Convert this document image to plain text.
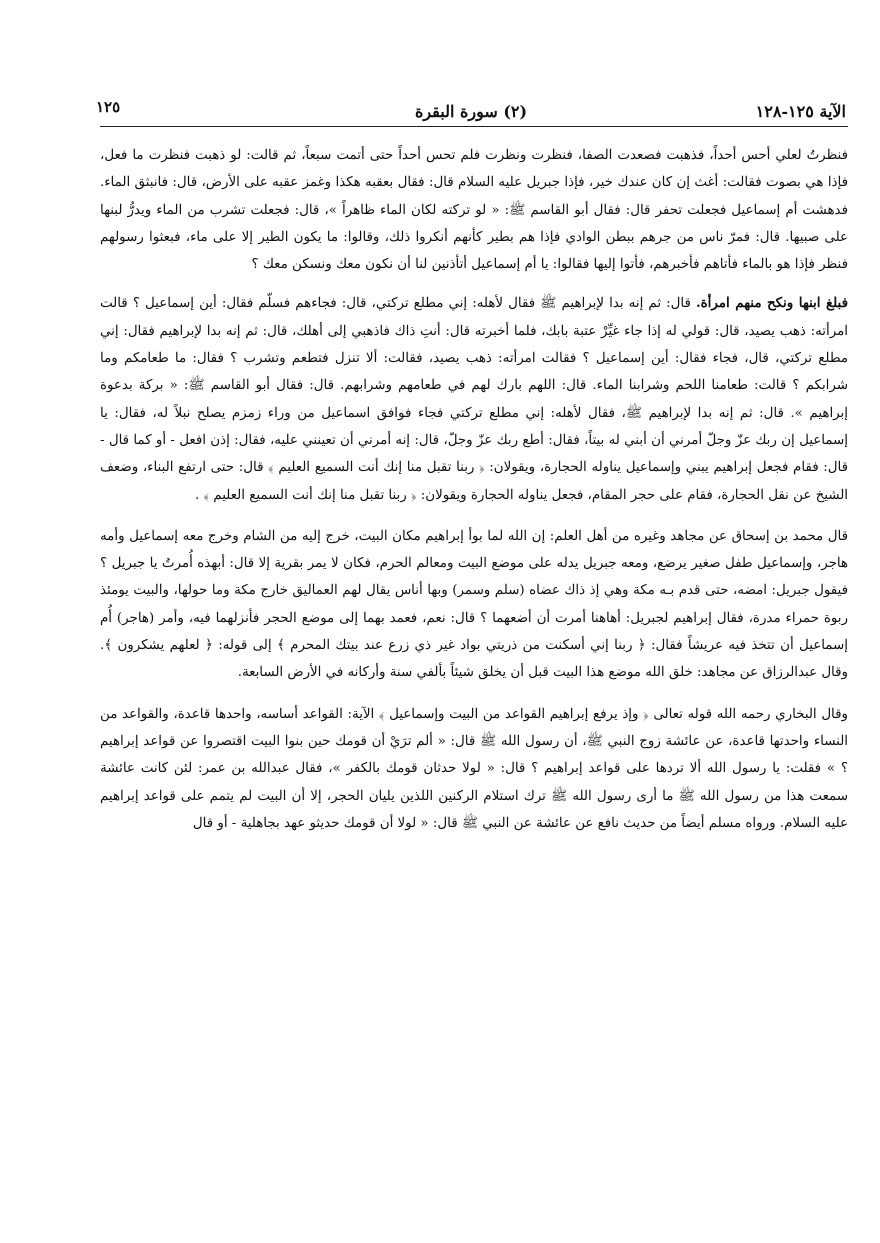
الآية ١٢٥-١٢٨
(٢) سورة البقرة
١٢٥

فنظرتُ لعلي أحس أحداً، فذهبت فصعدت الصفا، فنظرت ونظرت فلم تحس أحداً حتى أتمت سبعاً، ثم قالت: لو ذهبت فنظرت ما فعل، فإذا هي بصوت فقالت: أغث إن كان عندك خير، فإذا جبريل عليه السلام قال: فقال بعقبه هكذا وغمز عقبه على الأرض، قال: فانبثق الماء. فدهشت أم إسماعيل فجعلت تحفر قال: فقال أبو القاسم ﷺ: « لو تركته لكان الماء ظاهراً »، قال: فجعلت تشرب من الماء ويدرُّ لبنها على صبيها. قال: فمرّ ناس من جرهم ببطن الوادي فإذا هم بطير كأنهم أنكروا ذلك، وقالوا: ما يكون الطير إلا على ماء، فبعثوا رسولهم فنظر فإذا هو بالماء فأتاهم فأخبرهم، فأتوا إليها فقالوا: يا أم إسماعيل أتأذنين لنا أن نكون معك ونسكن معك ؟

فبلغ ابنها ونكح منهم امرأة. قال: ثم إنه بدا لإبراهيم ﷺ فقال لأهله: إني مطلع تركتي، قال: فجاءهم فسلّم فقال: أين إسماعيل ؟ قالت امرأته: ذهب يصيد، قال: قولي له إذا جاء غيِّرْ عتبة بابك، فلما أخبرته قال: أنتِ ذاك فاذهبي إلى أهلك، قال: ثم إنه بدا لإبراهيم فقال: إني مطلع تركتي، قال، فجاء فقال: أين إسماعيل ؟ فقالت امرأته: ذهب يصيد، فقالت: ألا تنزل فتطعم وتشرب ؟ فقال: ما طعامكم وما شرابكم ؟ قالت: طعامنا اللحم وشرابنا الماء. قال: اللهم بارك لهم في طعامهم وشرابهم. قال: فقال أبو القاسم ﷺ: « بركة بدعوة إبراهيم ». قال: ثم إنه بدا لإبراهيم ﷺ، فقال لأهله: إني مطلع تركتي فجاء فوافق اسماعيل من وراء زمزم يصلح نبلاً له، فقال: يا إسماعيل إن ربك عزّ وجلّ أمرني أن أبني له بيتاً، فقال: أطع ربك عزّ وجلّ، قال: إنه أمرني أن تعينني عليه، فقال: إذن افعل - أو كما قال - قال: فقام فجعل إبراهيم يبني وإسماعيل يناوله الحجارة، ويقولان: ﴿ ربنا تقبل منا إنك أنت السميع العليم ﴾ قال: حتى ارتفع البناء، وضعف الشيخ عن نقل الحجارة، فقام على حجر المقام، فجعل يناوله الحجارة ويقولان: ﴿ ربنا تقبل منا إنك أنت السميع العليم ﴾ .

قال محمد بن إسحاق عن مجاهد وغيره من أهل العلم: إن الله لما بوأ إبراهيم مكان البيت، خرج إليه من الشام وخرج معه إسماعيل وأمه هاجر، وإسماعيل طفل صغير يرضع، ومعه جبريل يدله على موضع البيت ومعالم الحرم، فكان لا يمر بقرية إلا قال: أبهذه أُمرتُ يا جبريل ؟ فيقول جبريل: امضه، حتى قدم بـه مكة وهي إذ ذاك عضاه (سلم وسمر) وبها أناس يقال لهم العماليق خارج مكة وما حولها، والبيت يومئذ ربوة حمراء مدرة، فقال إبراهيم لجبريل: أهاهنا أمرت أن أضعهما ؟ قال: نعم، فعمد بهما إلى موضع الحجر فأنزلهما فيه، وأمر (هاجر) أُم إسماعيل أن تتخذ فيه عريشاً فقال: ﴿ ربنا إني أسكنت من ذريتي بواد غير ذي زرع عند بيتك المحرم ﴾ إلى قوله: ﴿ لعلهم يشكرون ﴾. وقال عبدالرزاق عن مجاهد: خلق الله موضع هذا البيت قبل أن يخلق شيئاً بألفي سنة وأركانه في الأرض السابعة.

وقال البخاري رحمه الله قوله تعالى ﴿ وإذ يرفع إبراهيم القواعد من البيت وإسماعيل ﴾ الآية: القواعد أساسه، واحدها قاعدة، والقواعد من النساء واحدتها قاعدة، عن عائشة زوج النبي ﷺ، أن رسول الله ﷺ قال: « ألم ترَيْ أن قومك حين بنوا البيت اقتصروا عن قواعد إبراهيم ؟ » فقلت: يا رسول الله ألا تردها على قواعد إبراهيم ؟ قال: « لولا حدثان قومك بالكفر »، فقال عبدالله بن عمر: لئن كانت عائشة سمعت هذا من رسول الله ﷺ ما أرى رسول الله ﷺ ترك استلام الركنين اللذين يليان الحجر، إلا أن البيت لم يتمم على قواعد إبراهيم عليه السلام. ورواه مسلم أيضاً من حديث نافع عن عائشة عن النبي ﷺ قال: « لولا أن قومك حديثو عهد بجاهلية - أو قال
